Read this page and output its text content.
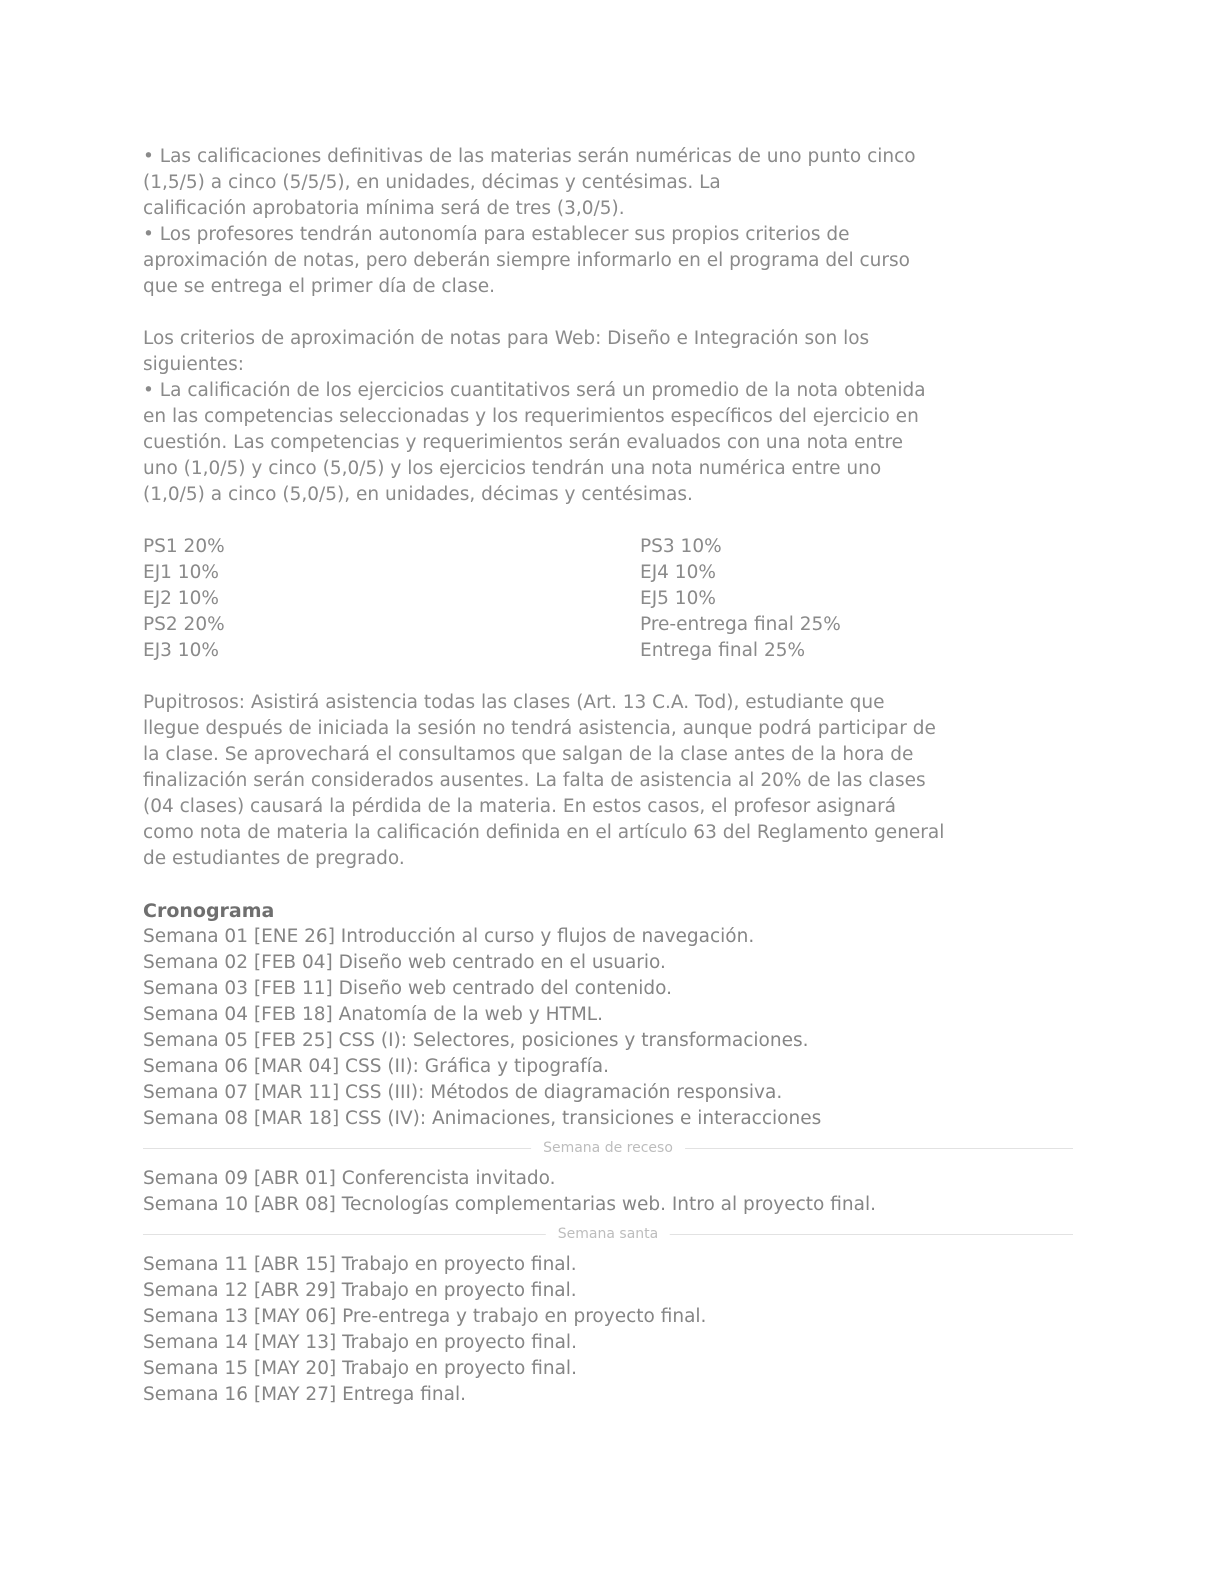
• Las calificaciones definitivas de las materias serán numéricas de uno punto cinco
(1,5/5) a cinco (5/5/5), en unidades, décimas y centésimas. La
calificación aprobatoria mínima será de tres (3,0/5).
• Los profesores tendrán autonomía para establecer sus propios criterios de
aproximación de notas, pero deberán siempre informarlo en el programa del curso
que se entrega el primer día de clase.
Los criterios de aproximación de notas para Web: Diseño e Integración son los
siguientes:
• La calificación de los ejercicios cuantitativos será un promedio de la nota obtenida
en las competencias seleccionadas y los requerimientos específicos del ejercicio en
cuestión. Las competencias y requerimientos serán evaluados con una nota entre
uno (1,0/5) y cinco (5,0/5) y los ejercicios tendrán una nota numérica entre uno
(1,0/5) a cinco (5,0/5), en unidades, décimas y centésimas.
PS1 20%	PS3 10%
EJ1 10%	EJ4 10%
EJ2 10%	EJ5 10%
PS2 20%	Pre-entrega final 25%
EJ3 10%	Entrega final 25%
Pupitrosos: Asistirá asistencia todas las clases (Art. 13 C.A. Tod), estudiante que
llegue después de iniciada la sesión no tendrá asistencia, aunque podrá participar de
la clase. Se aprovechará el consultamos que salgan de la clase antes de la hora de
finalización serán considerados ausentes. La falta de asistencia al 20% de las clases
(04 clases) causará la pérdida de la materia. En estos casos, el profesor asignará
como nota de materia la calificación definida en el artículo 63 del Reglamento general
de estudiantes de pregrado.
Cronograma
Semana 01 [ENE 26] Introducción al curso y flujos de navegación.
Semana 02 [FEB 04] Diseño web centrado en el usuario.
Semana 03 [FEB 11] Diseño web centrado del contenido.
Semana 04 [FEB 18] Anatomía de la web y HTML.
Semana 05 [FEB 25] CSS (I): Selectores, posiciones y transformaciones.
Semana 06 [MAR 04] CSS (II): Gráfica y tipografía.
Semana 07 [MAR 11] CSS (III): Métodos de diagramación responsiva.
Semana 08 [MAR 18] CSS (IV): Animaciones, transiciones e interacciones
Semana de receso
Semana 09 [ABR 01] Conferencista invitado.
Semana 10 [ABR 08] Tecnologías complementarias web. Intro al proyecto final.
Semana santa
Semana 11 [ABR 15] Trabajo en proyecto final.
Semana 12 [ABR 29] Trabajo en proyecto final.
Semana 13 [MAY 06] Pre-entrega y trabajo en proyecto final.
Semana 14 [MAY 13] Trabajo en proyecto final.
Semana 15 [MAY 20] Trabajo en proyecto final.
Semana 16 [MAY 27] Entrega final.
